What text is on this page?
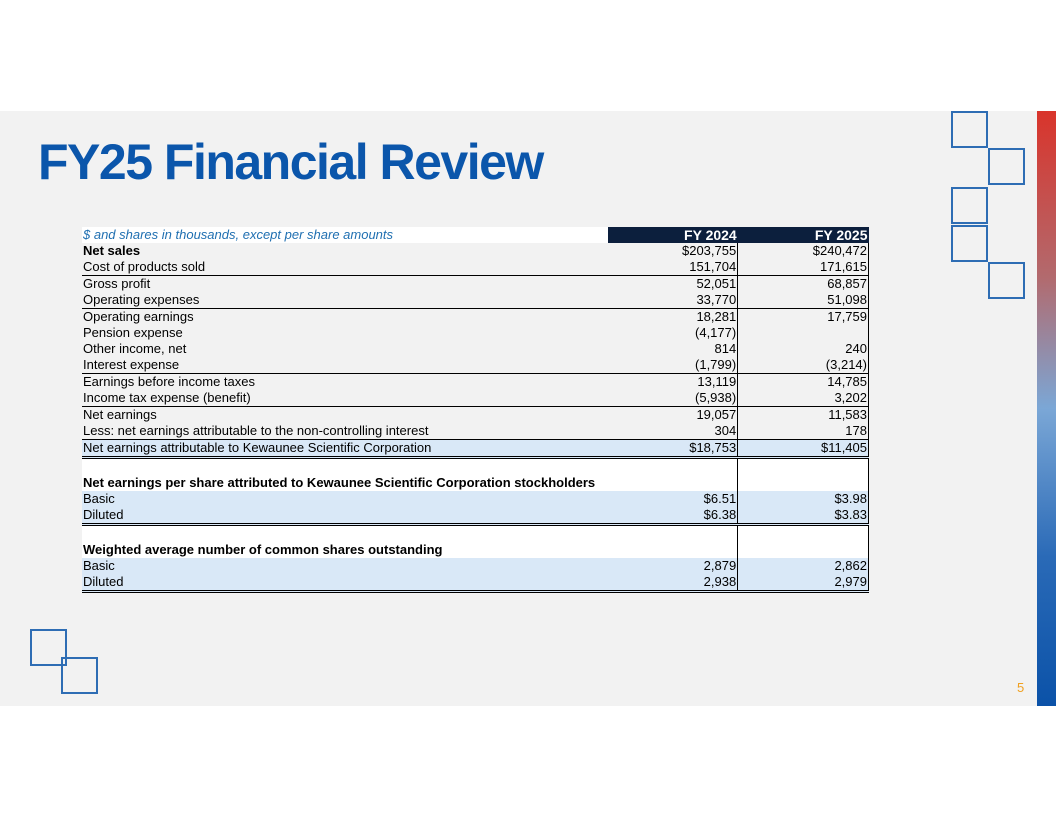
FY25 Financial Review
$ and shares in thousands, except per share amounts	FY 2024	FY 2025
Net sales	$203,755	$240,472
Cost of products sold	151,704	171,615
Gross profit	52,051	68,857
Operating expenses	33,770	51,098
Operating earnings	18,281	17,759
Pension expense	(4,177)	
Other income, net	814	240
Interest expense	(1,799)	(3,214)
Earnings before income taxes	13,119	14,785
Income tax expense (benefit)	(5,938)	3,202
Net earnings	19,057	11,583
Less: net earnings attributable to the non-controlling interest	304	178
Net earnings attributable to Kewaunee Scientific Corporation	$18,753	$11,405

Net earnings per share attributed to Kewaunee Scientific Corporation stockholders		
Basic	$6.51	$3.98
Diluted	$6.38	$3.83

Weighted average number of common shares outstanding		
Basic	2,879	2,862
Diluted	2,938	2,979
5
